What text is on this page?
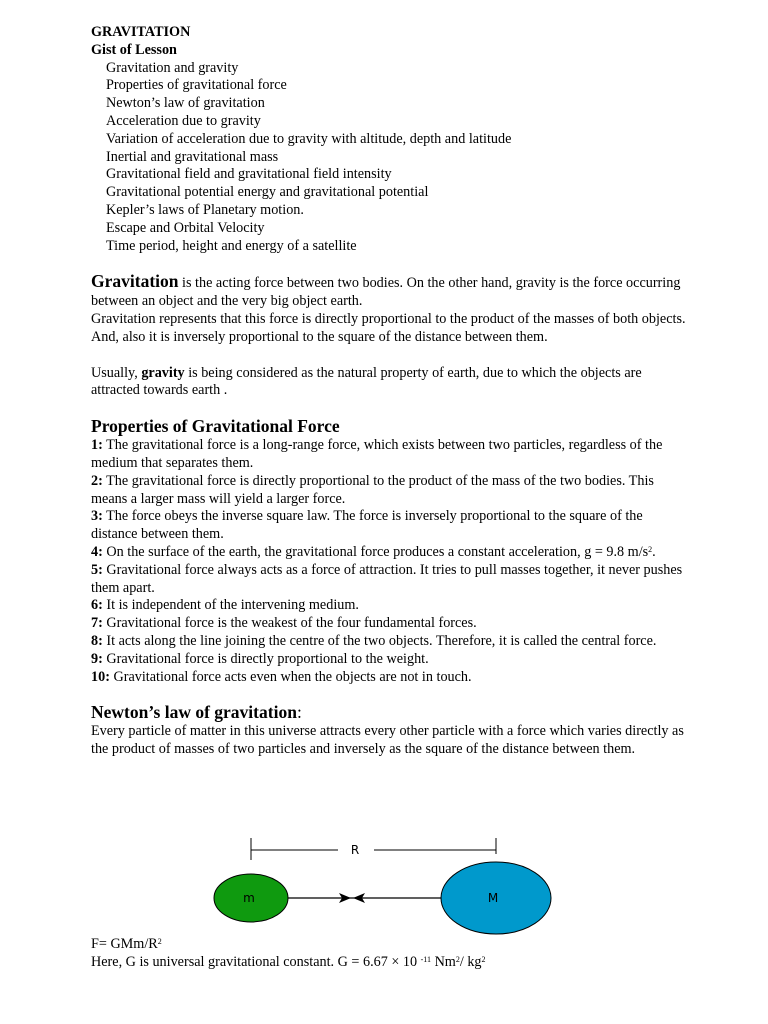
GRAVITATION
Gist of Lesson
Gravitation and gravity
Properties of gravitational force
Newton’s law of gravitation
Acceleration due to gravity
Variation of acceleration due to gravity with altitude, depth and latitude
Inertial and gravitational mass
Gravitational field and gravitational field intensity
Gravitational potential energy and gravitational potential
Kepler’s laws of Planetary motion.
Escape and Orbital Velocity
Time period, height and energy of a satellite

Gravitation is the acting force between two bodies. On the other hand, gravity is the force occurring between an object and the very big object earth.

Gravitation represents that this force is directly proportional to the product of the masses of both objects. And, also it is inversely proportional to the square of the distance between them.

Usually, gravity is being considered as the natural property of earth, due to which the objects are attracted towards earth .

Properties of Gravitational Force

1: The gravitational force is a long-range force, which exists between two particles, regardless of the medium that separates them.

2: The gravitational force is directly proportional to the product of the mass of the two bodies. This means a larger mass will yield a larger force.

3: The force obeys the inverse square law. The force is inversely proportional to the square of the distance between them.

4: On the surface of the earth, the gravitational force produces a constant acceleration, g = 9.8 $m/s^2$.

5: Gravitational force always acts as a force of attraction. It tries to pull masses together, it never pushes them apart.

6: It is independent of the intervening medium.

7: Gravitational force is the weakest of the four fundamental forces.

8: It acts along the line joining the centre of the two objects. Therefore, it is called the central force.

9: Gravitational force is directly proportional to the weight.

10: Gravitational force acts even when the objects are not in touch.

Newton’s law of gravitation:

Every particle of matter in this universe attracts every other particle with a force which varies directly as the product of masses of two particles and inversely as the square of the distance between them.

R
m	M

F= GMm/$R^2$

Here, G is universal gravitational constant. G = 6.67 × 10 $^{-11}$ Nm$^2$/ $kg^2$
